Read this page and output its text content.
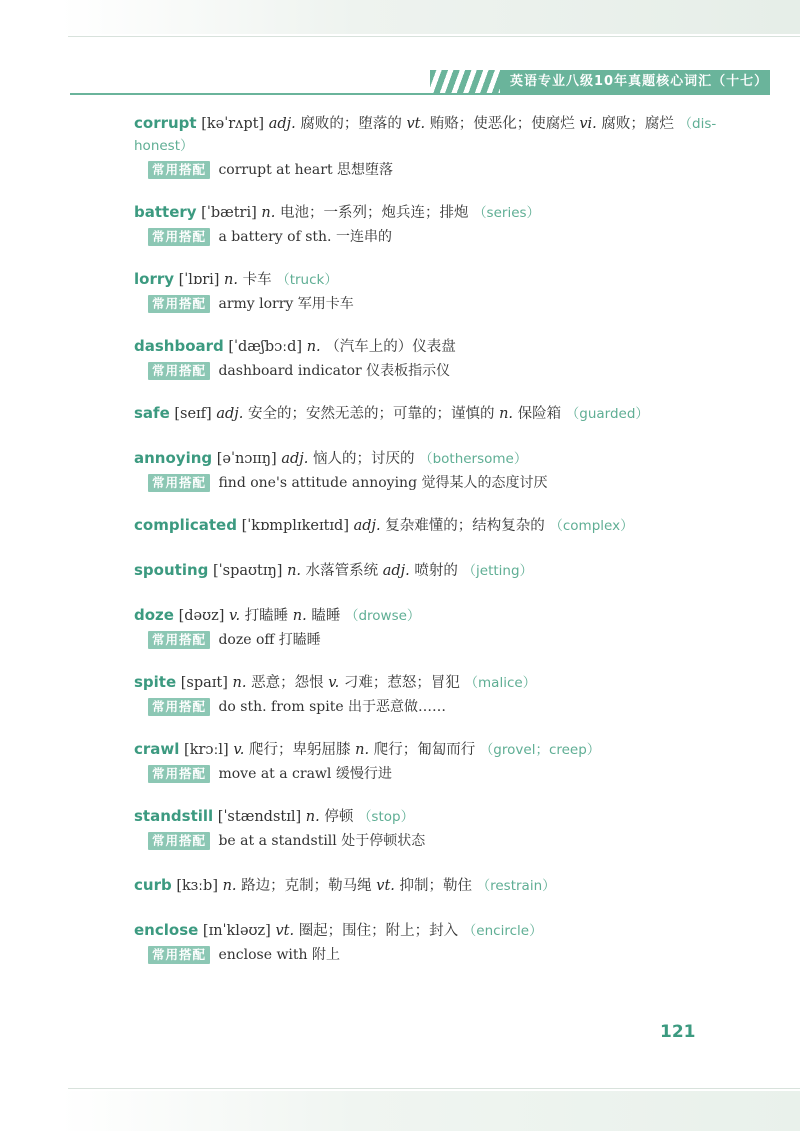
英语专业八级10年真题核心词汇（十七）
corrupt [kəˈrʌpt] adj. 腐败的；堕落的 vt. 贿赂；使恶化；使腐烂 vi. 腐败；腐烂 （dis-honest）
常用搭配 corrupt at heart 思想堕落
battery [ˈbætri] n. 电池；一系列；炮兵连；排炮 （series）
常用搭配 a battery of sth. 一连串的
lorry [ˈlɒri] n. 卡车 （truck）
常用搭配 army lorry 军用卡车
dashboard [ˈdæʃbɔːd] n. （汽车上的）仪表盘
常用搭配 dashboard indicator 仪表板指示仪
safe [seɪf] adj. 安全的；安然无恙的；可靠的；谨慎的 n. 保险箱 （guarded）
annoying [əˈnɔɪɪŋ] adj. 恼人的；讨厌的 （bothersome）
常用搭配 find one's attitude annoying 觉得某人的态度讨厌
complicated [ˈkɒmplɪkeɪtɪd] adj. 复杂难懂的；结构复杂的 （complex）
spouting [ˈspaʊtɪŋ] n. 水落管系统 adj. 喷射的 （jetting）
doze [dəʊz] v. 打瞌睡 n. 瞌睡 （drowse）
常用搭配 doze off 打瞌睡
spite [spaɪt] n. 恶意；怨恨 v. 刁难；惹怒；冒犯 （malice）
常用搭配 do sth. from spite 出于恶意做……
crawl [krɔːl] v. 爬行；卑躬屈膝 n. 爬行；匍匐而行 （grovel；creep）
常用搭配 move at a crawl 缓慢行进
standstill [ˈstændstɪl] n. 停顿 （stop）
常用搭配 be at a standstill 处于停顿状态
curb [kɜːb] n. 路边；克制；勒马绳 vt. 抑制；勒住 （restrain）
enclose [ɪnˈkləʊz] vt. 圈起；围住；附上；封入 （encircle）
常用搭配 enclose with 附上
121
